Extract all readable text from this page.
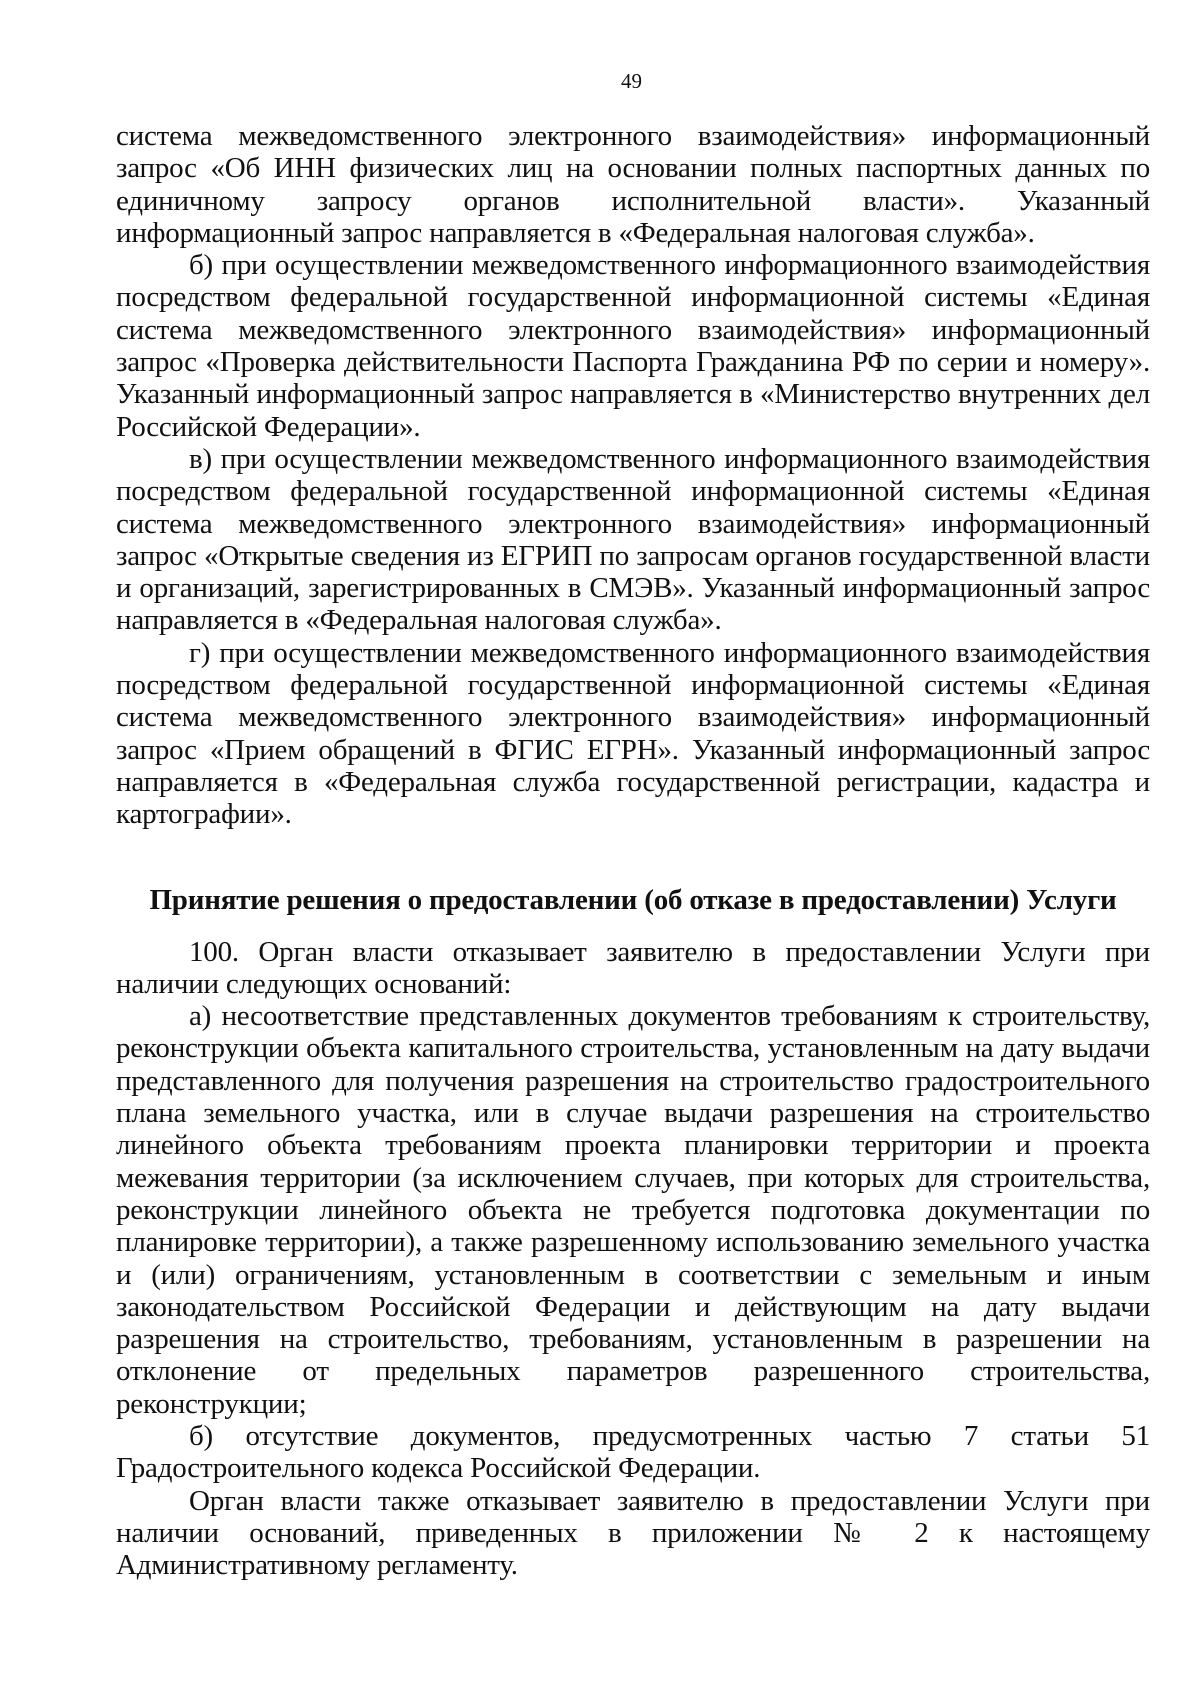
49

система межведомственного электронного взаимодействия» информационный запрос «Об ИНН физических лиц на основании полных паспортных данных по единичному запросу органов исполнительной власти». Указанный информационный запрос направляется в «Федеральная налоговая служба».

б) при осуществлении межведомственного информационного взаимодействия посредством федеральной государственной информационной системы «Единая система межведомственного электронного взаимодействия» информационный запрос «Проверка действительности Паспорта Гражданина РФ по серии и номеру». Указанный информационный запрос направляется в «Министерство внутренних дел Российской Федерации».

в) при осуществлении межведомственного информационного взаимодействия посредством федеральной государственной информационной системы «Единая система межведомственного электронного взаимодействия» информационный запрос «Открытые сведения из ЕГРИП по запросам органов государственной власти и организаций, зарегистрированных в СМЭВ». Указанный информационный запрос направляется в «Федеральная налоговая служба».

г) при осуществлении межведомственного информационного взаимодействия посредством федеральной государственной информационной системы «Единая система межведомственного электронного взаимодействия» информационный запрос «Прием обращений в ФГИС ЕГРН». Указанный информационный запрос направляется в «Федеральная служба государственной регистрации, кадастра и картографии».

Принятие решения о предоставлении (об отказе в предоставлении) Услуги

100. Орган власти отказывает заявителю в предоставлении Услуги при наличии следующих оснований:

а) несоответствие представленных документов требованиям к строительству, реконструкции объекта капитального строительства, установленным на дату выдачи представленного для получения разрешения на строительство градостроительного плана земельного участка, или в случае выдачи разрешения на строительство линейного объекта требованиям проекта планировки территории и проекта межевания территории (за исключением случаев, при которых для строительства, реконструкции линейного объекта не требуется подготовка документации по планировке территории), а также разрешенному использованию земельного участка и (или) ограничениям, установленным в соответствии с земельным и иным законодательством Российской Федерации и действующим на дату выдачи разрешения на строительство, требованиям, установленным в разрешении на отклонение от предельных параметров разрешенного строительства, реконструкции;

б) отсутствие документов, предусмотренных частью 7 статьи 51 Градостроительного кодекса Российской Федерации.

Орган власти также отказывает заявителю в предоставлении Услуги при наличии оснований, приведенных в приложении № 2 к настоящему Административному регламенту.
